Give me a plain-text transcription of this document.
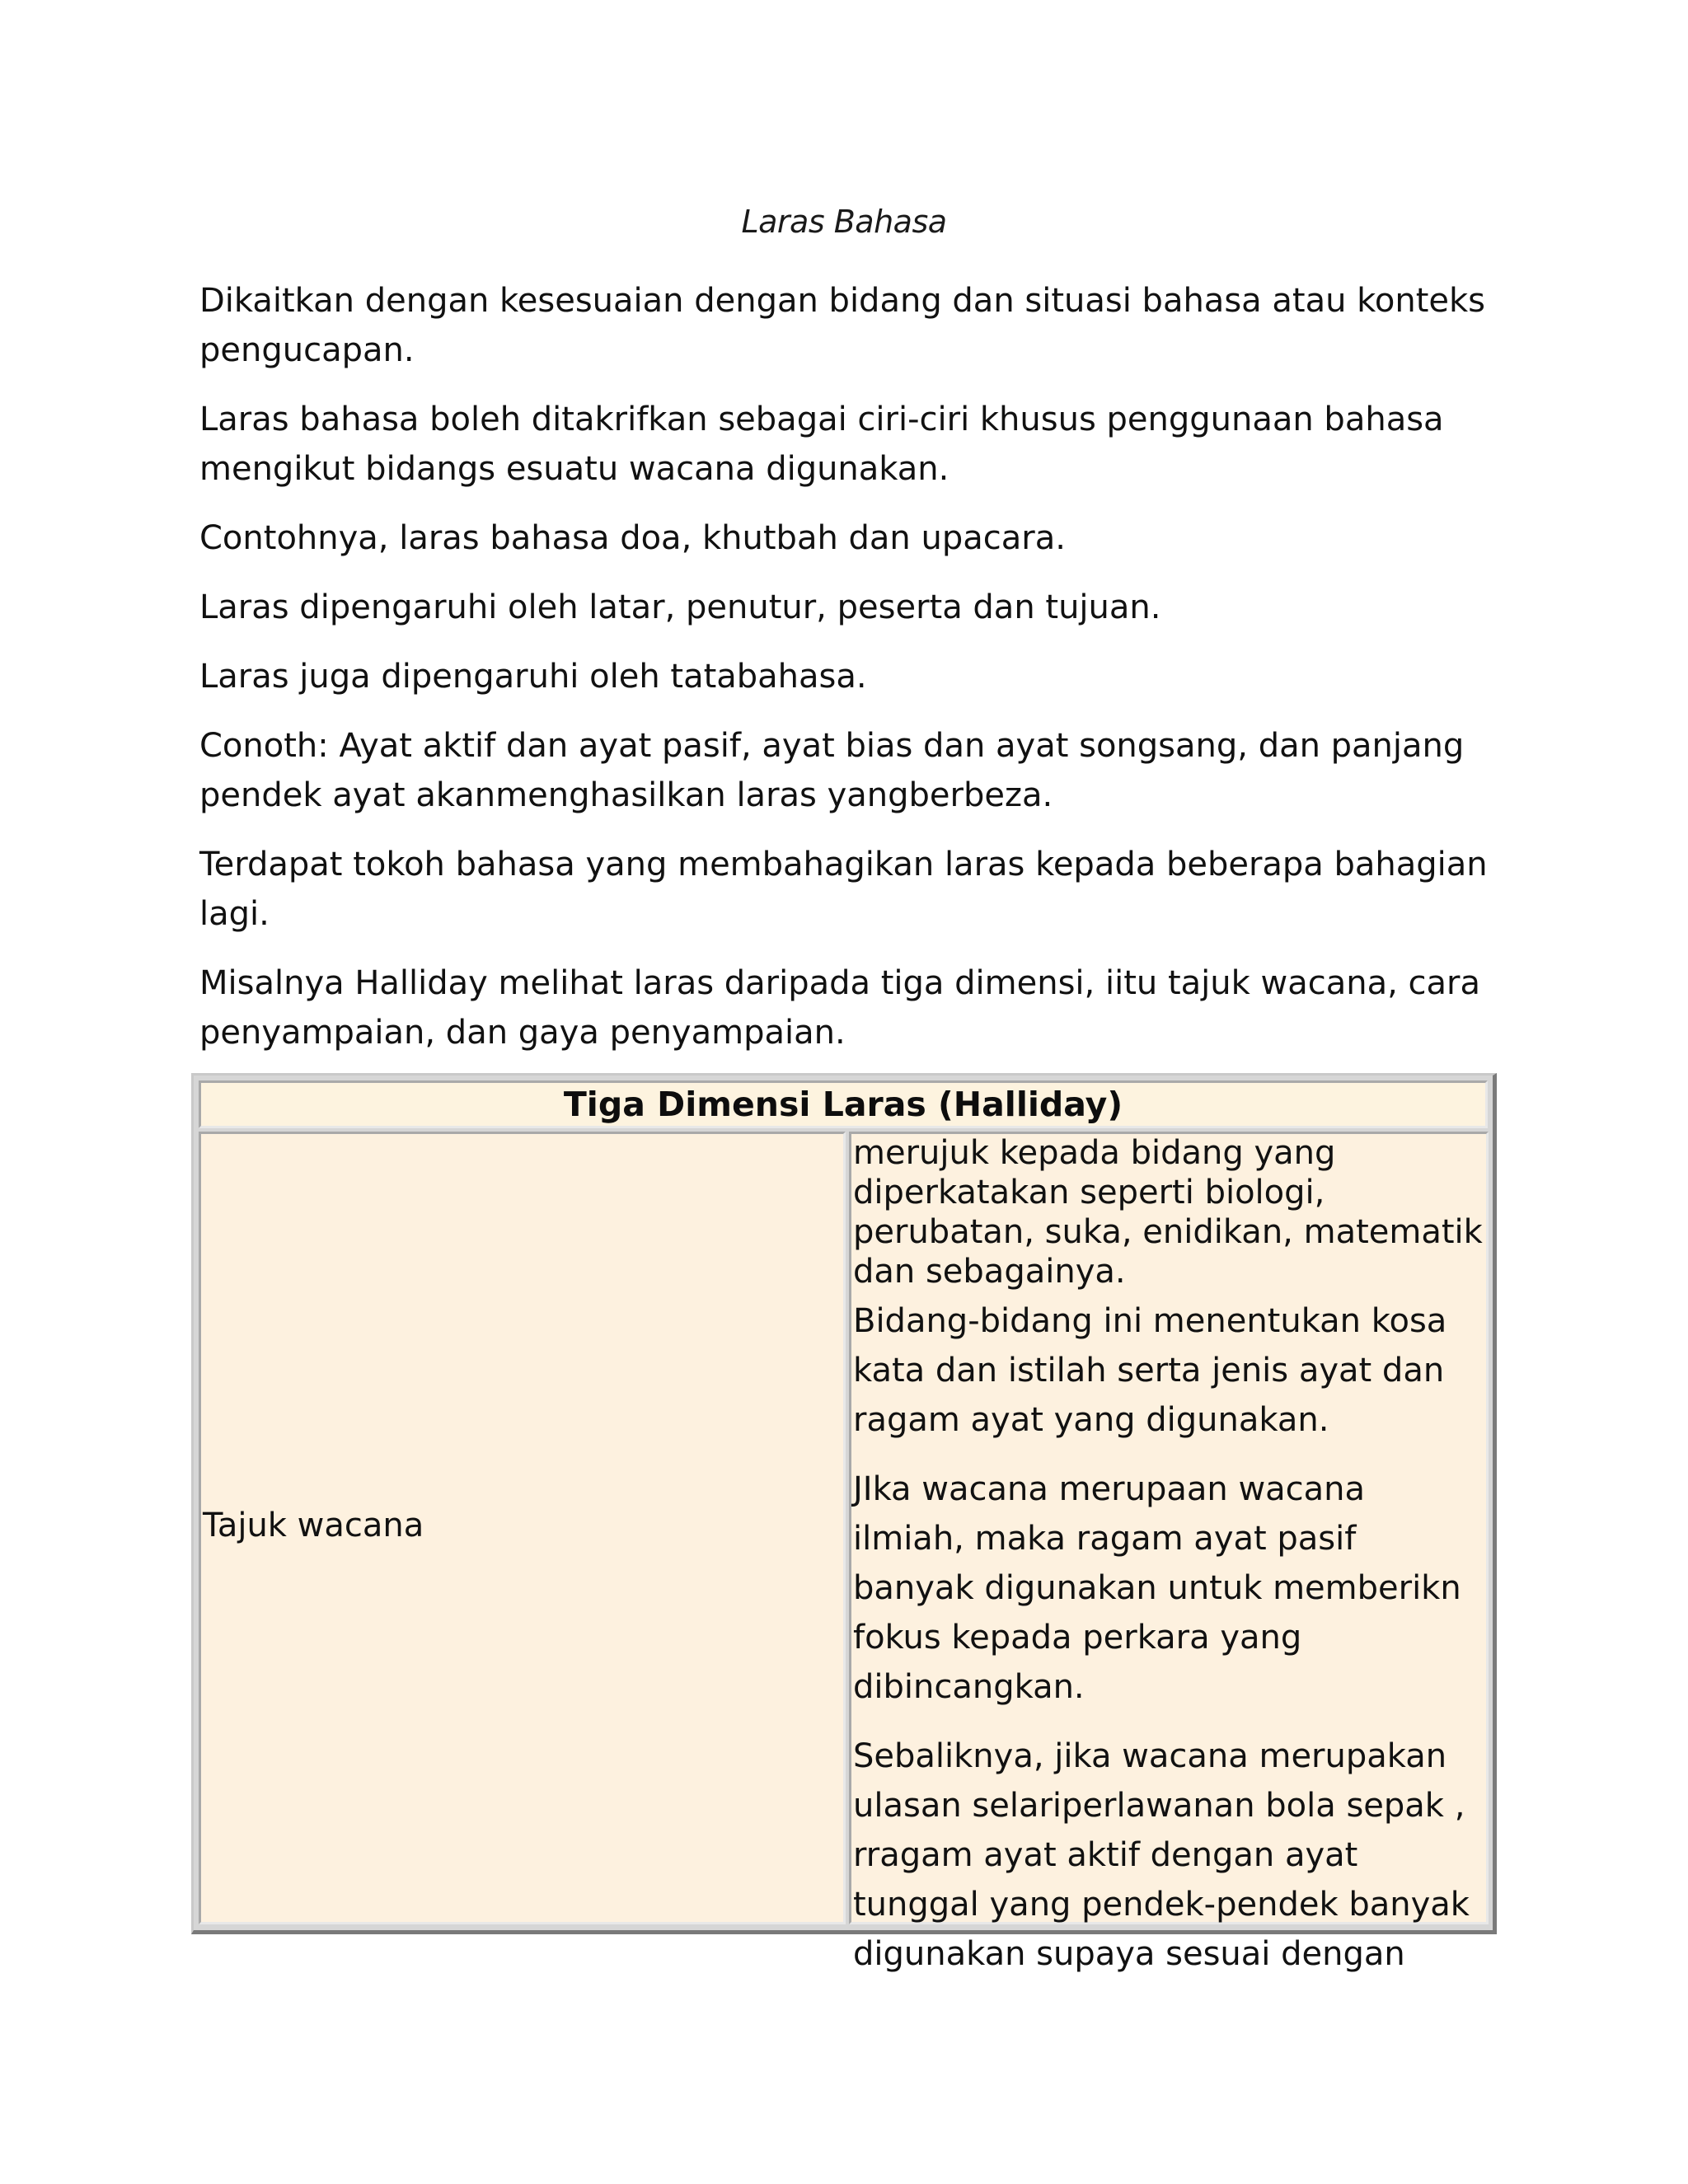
Laras Bahasa

Dikaitkan dengan kesesuaian dengan bidang dan situasi bahasa atau konteks pengucapan.

Laras bahasa boleh ditakrifkan sebagai ciri-ciri khusus penggunaan bahasa mengikut bidangs esuatu wacana digunakan.

Contohnya, laras bahasa doa, khutbah dan upacara.

Laras dipengaruhi oleh latar, penutur, peserta dan tujuan.

Laras juga dipengaruhi oleh tatabahasa.

Conoth: Ayat aktif dan ayat pasif, ayat bias dan ayat songsang, dan panjang pendek ayat akanmenghasilkan laras yangberbeza.

Terdapat tokoh bahasa yang membahagikan laras kepada beberapa bahagian lagi.

Misalnya Halliday melihat laras daripada tiga dimensi, iitu tajuk wacana, cara penyampaian, dan gaya penyampaian.

Tiga Dimensi Laras (Halliday)
Tajuk wacana

merujuk kepada bidang yang diperkatakan seperti biologi, perubatan, suka, enidikan, matematik dan sebagainya.

Bidang-bidang ini menentukan kosa kata dan istilah serta jenis ayat dan ragam ayat yang digunakan.

JIka wacana merupaan wacana ilmiah, maka ragam ayat pasif banyak digunakan untuk memberikn fokus kepada perkara yang dibincangkan.

Sebaliknya, jika wacana merupakan ulasan selariperlawanan bola sepak , rragam ayat aktif dengan ayat tunggal yang pendek-pendek banyak digunakan supaya sesuai dengan
